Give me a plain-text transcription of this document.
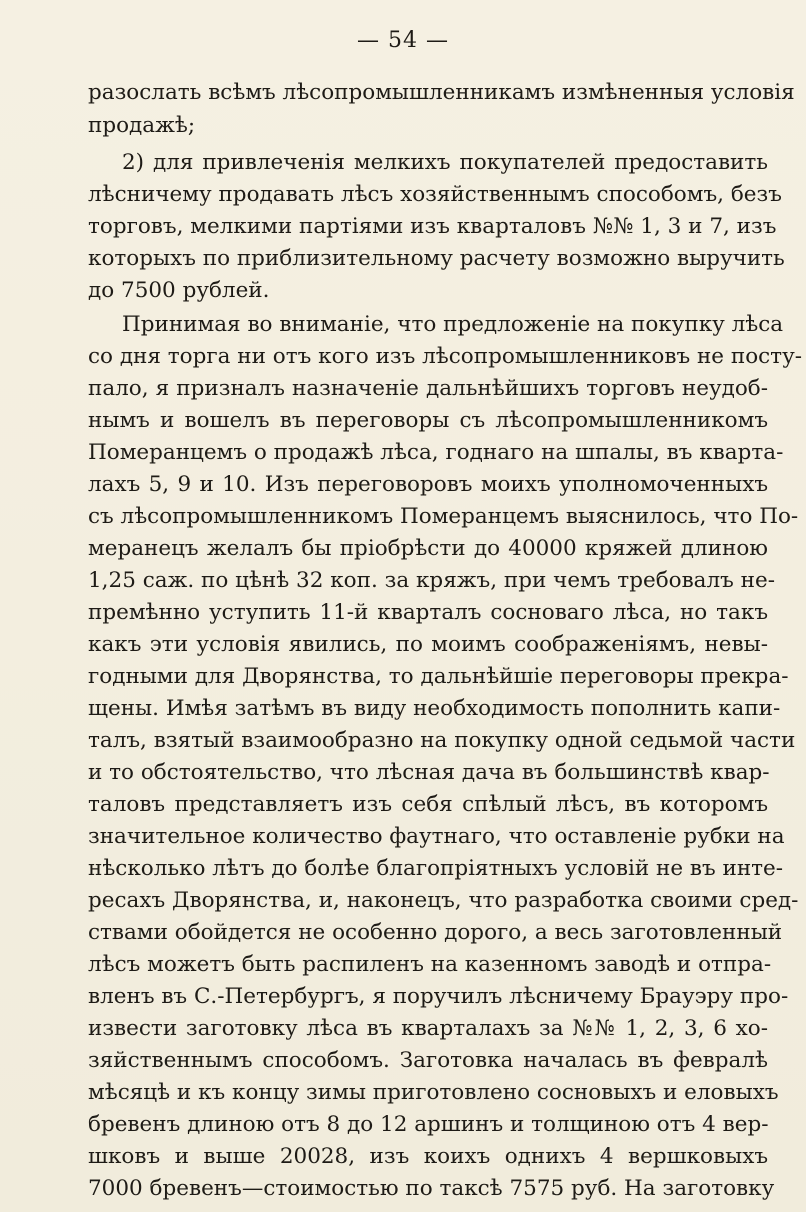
— 54 —
разослать всѣмъ лѣсопромышленникамъ измѣненныя условія
продажѣ;
2) для привлеченія мелкихъ покупателей предоставить
лѣсничему продавать лѣсъ хозяйственнымъ способомъ, безъ
торговъ, мелкими партіями изъ кварталовъ №№ 1, 3 и 7, изъ
которыхъ по приблизительному расчету возможно выручить
до 7500 рублей.
Принимая во вниманіе, что предложеніе на покупку лѣса
со дня торга ни отъ кого изъ лѣсопромышленниковъ не посту-
пало, я призналъ назначеніе дальнѣйшихъ торговъ неудоб-
нымъ и вошелъ въ переговоры съ лѣсопромышленникомъ
Померанцемъ о продажѣ лѣса, годнаго на шпалы, въ кварта-
лахъ 5, 9 и 10. Изъ переговоровъ моихъ уполномоченныхъ
съ лѣсопромышленникомъ Померанцемъ выяснилось, что По-
меранецъ желалъ бы пріобрѣсти до 40000 кряжей длиною
1,25 саж. по цѣнѣ 32 коп. за кряжъ, при чемъ требовалъ не-
премѣнно уступить 11-й кварталъ сосноваго лѣса, но такъ
какъ эти условія явились, по моимъ соображеніямъ, невы-
годными для Дворянства, то дальнѣйшіе переговоры прекра-
щены. Имѣя затѣмъ въ виду необходимость пополнить капи-
талъ, взятый взаимообразно на покупку одной седьмой части
и то обстоятельство, что лѣсная дача въ большинствѣ квар-
таловъ представляетъ изъ себя спѣлый лѣсъ, въ которомъ
значительное количество фаутнаго, что оставленіе рубки на
нѣсколько лѣтъ до болѣе благопріятныхъ условій не въ инте-
ресахъ Дворянства, и, наконецъ, что разработка своими сред-
ствами обойдется не особенно дорого, а весь заготовленный
лѣсъ можетъ быть распиленъ на казенномъ заводѣ и отпра-
вленъ въ С.-Петербургъ, я поручилъ лѣсничему Брауэру про-
извести заготовку лѣса въ кварталахъ за №№ 1, 2, 3, 6 хо-
зяйственнымъ способомъ. Заготовка началась въ февралѣ
мѣсяцѣ и къ концу зимы приготовлено сосновыхъ и еловыхъ
бревенъ длиною отъ 8 до 12 аршинъ и толщиною отъ 4 вер-
шковъ и выше 20028, изъ коихъ однихъ 4 вершковыхъ
7000 бревенъ—стоимостью по таксѣ 7575 руб. На заготовку
